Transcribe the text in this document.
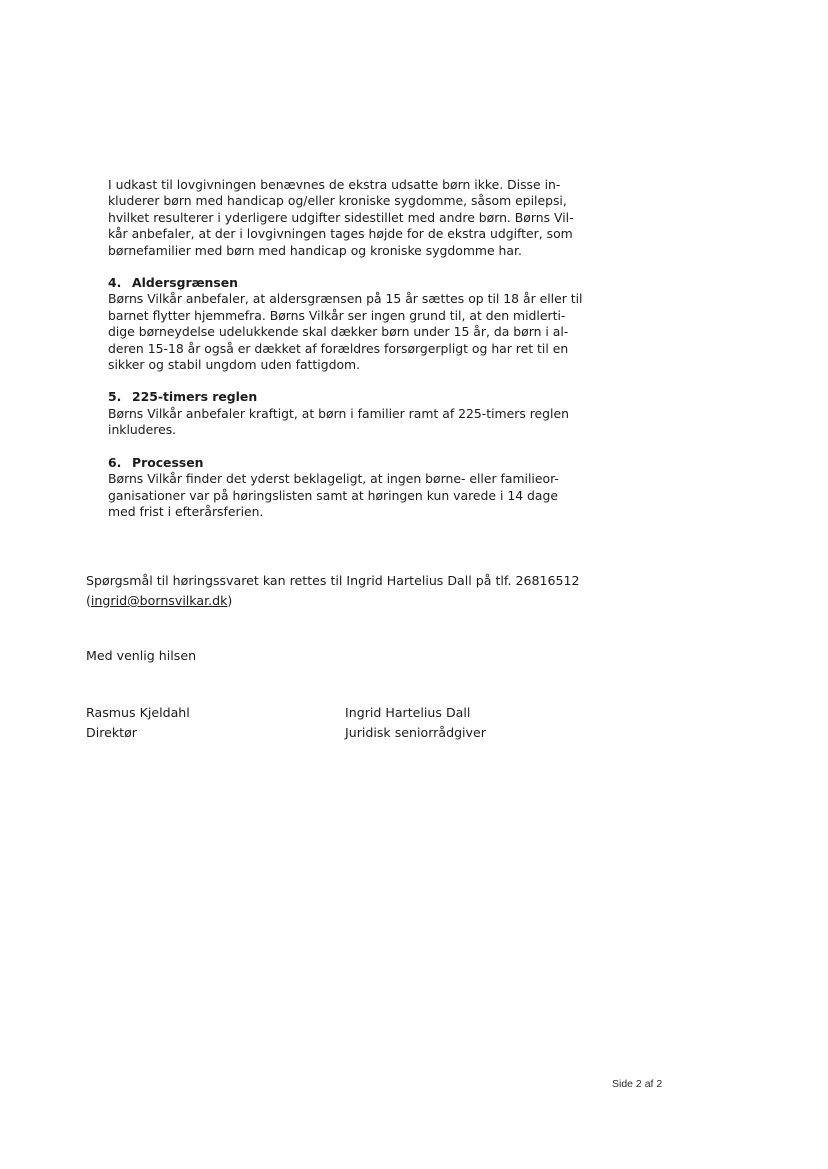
I udkast til lovgivningen benævnes de ekstra udsatte børn ikke. Disse in-
kluderer børn med handicap og/eller kroniske sygdomme, såsom epilepsi,
hvilket resulterer i yderligere udgifter sidestillet med andre børn. Børns Vil-
kår anbefaler, at der i lovgivningen tages højde for de ekstra udgifter, som
børnefamilier med børn med handicap og kroniske sygdomme har.

4. Aldersgrænsen

Børns Vilkår anbefaler, at aldersgrænsen på 15 år sættes op til 18 år eller til
barnet flytter hjemmefra. Børns Vilkår ser ingen grund til, at den midlerti-
dige børneydelse udelukkende skal dækker børn under 15 år, da børn i al-
deren 15-18 år også er dækket af forældres forsørgerpligt og har ret til en
sikker og stabil ungdom uden fattigdom.

5. 225-timers reglen

Børns Vilkår anbefaler kraftigt, at børn i familier ramt af 225-timers reglen
inkluderes.

6. Processen

Børns Vilkår finder det yderst beklageligt, at ingen børne- eller familieor-
ganisationer var på høringslisten samt at høringen kun varede i 14 dage
med frist i efterårsferien.

Spørgsmål til høringssvaret kan rettes til Ingrid Hartelius Dall på tlf. 26816512

(ingrid@bornsvilkar.dk)

Med venlig hilsen

Rasmus Kjeldahl

Direktør

Ingrid Hartelius Dall

Juridisk seniorrådgiver

Side 2 af 2
